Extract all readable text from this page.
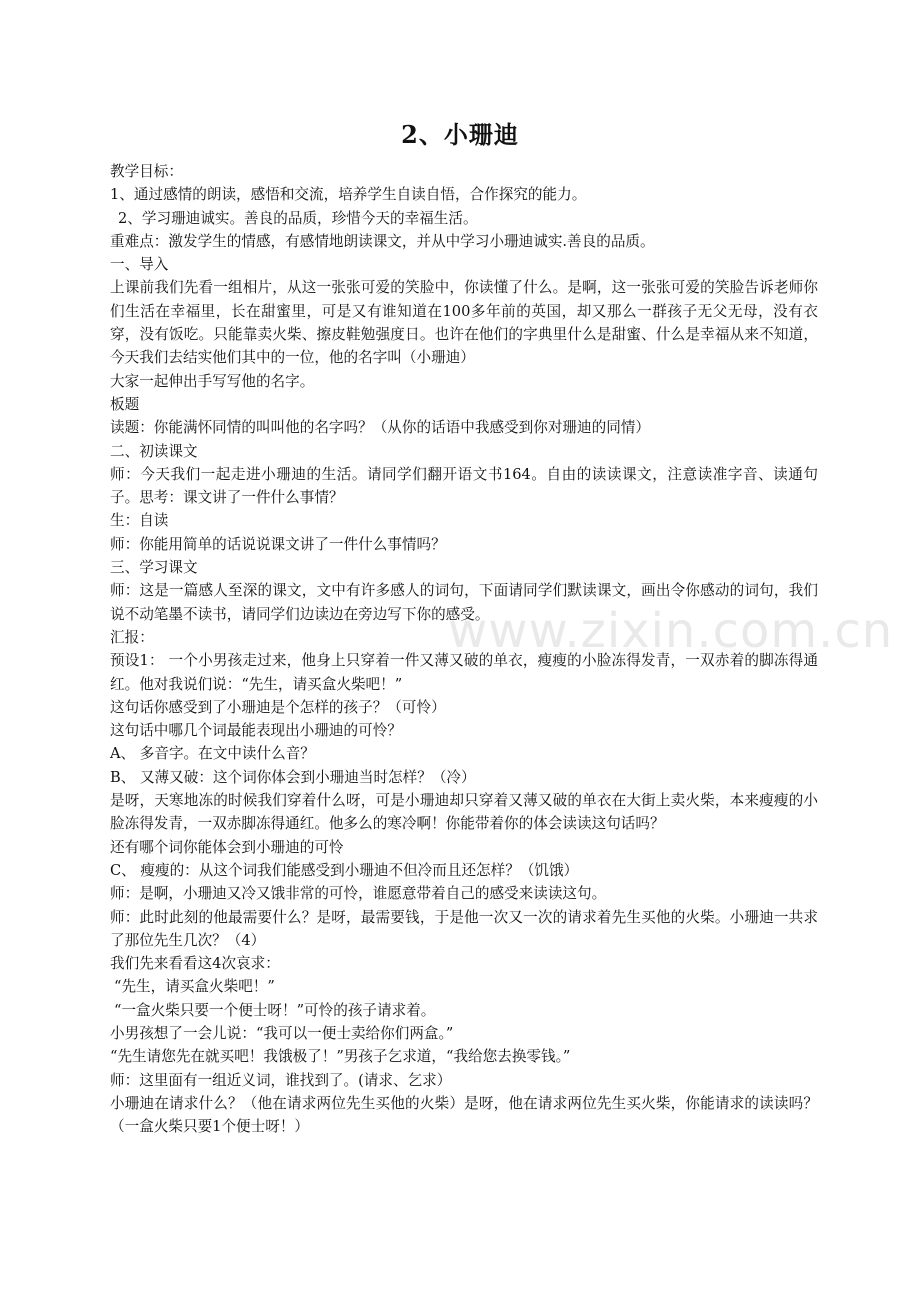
2、小珊迪

教学目标：

1、通过感情的朗读，感悟和交流，培养学生自读自悟，合作探究的能力。

2、学习珊迪诚实。善良的品质，珍惜今天的幸福生活。

重难点：激发学生的情感，有感情地朗读课文，并从中学习小珊迪诚实.善良的品质。

一、导入

上课前我们先看一组相片，从这一张张可爱的笑脸中，你读懂了什么。是啊，这一张张可爱的笑脸告诉老师你们生活在幸福里，长在甜蜜里，可是又有谁知道在100多年前的英国，却又那么一群孩子无父无母，没有衣穿，没有饭吃。只能靠卖火柴、擦皮鞋勉强度日。也许在他们的字典里什么是甜蜜、什么是幸福从来不知道，今天我们去结实他们其中的一位，他的名字叫（小珊迪）

大家一起伸出手写写他的名字。

板题

读题：你能满怀同情的叫叫他的名字吗？（从你的话语中我感受到你对珊迪的同情）

二、初读课文

师：今天我们一起走进小珊迪的生活。请同学们翻开语文书164。自由的读读课文，注意读准字音、读通句子。思考：课文讲了一件什么事情？

生：自读

师：你能用简单的话说说课文讲了一件什么事情吗？

三、学习课文

师：这是一篇感人至深的课文，文中有许多感人的词句，下面请同学们默读课文，画出令你感动的词句，我们说不动笔墨不读书，请同学们边读边在旁边写下你的感受。

汇报：

预设1： 一个小男孩走过来，他身上只穿着一件又薄又破的单衣，瘦瘦的小脸冻得发青，一双赤着的脚冻得通红。他对我说们说：“先生，请买盒火柴吧！”

这句话你感受到了小珊迪是个怎样的孩子？（可怜）

这句话中哪几个词最能表现出小珊迪的可怜？

A、 多音字。在文中读什么音？

B、 又薄又破：这个词你体会到小珊迪当时怎样？（冷）

是呀，天寒地冻的时候我们穿着什么呀，可是小珊迪却只穿着又薄又破的单衣在大街上卖火柴，本来瘦瘦的小脸冻得发青，一双赤脚冻得通红。他多么的寒冷啊！你能带着你的体会读读这句话吗？

还有哪个词你能体会到小珊迪的可怜

C、 瘦瘦的：从这个词我们能感受到小珊迪不但冷而且还怎样？（饥饿）

师：是啊，小珊迪又冷又饿非常的可怜，谁愿意带着自己的感受来读读这句。

师：此时此刻的他最需要什么？是呀，最需要钱，于是他一次又一次的请求着先生买他的火柴。小珊迪一共求了那位先生几次？（4）

我们先来看看这4次哀求：

“先生，请买盒火柴吧！”

“一盒火柴只要一个便士呀！”可怜的孩子请求着。

小男孩想了一会儿说：“我可以一便士卖给你们两盒。”

“先生请您先在就买吧！我饿极了！”男孩子乞求道，“我给您去换零钱。”

师：这里面有一组近义词，谁找到了。(请求、乞求）

小珊迪在请求什么？（他在请求两位先生买他的火柴）是呀，他在请求两位先生买火柴，你能请求的读读吗？（一盒火柴只要1个便士呀！）

www.zixin.com.cn
